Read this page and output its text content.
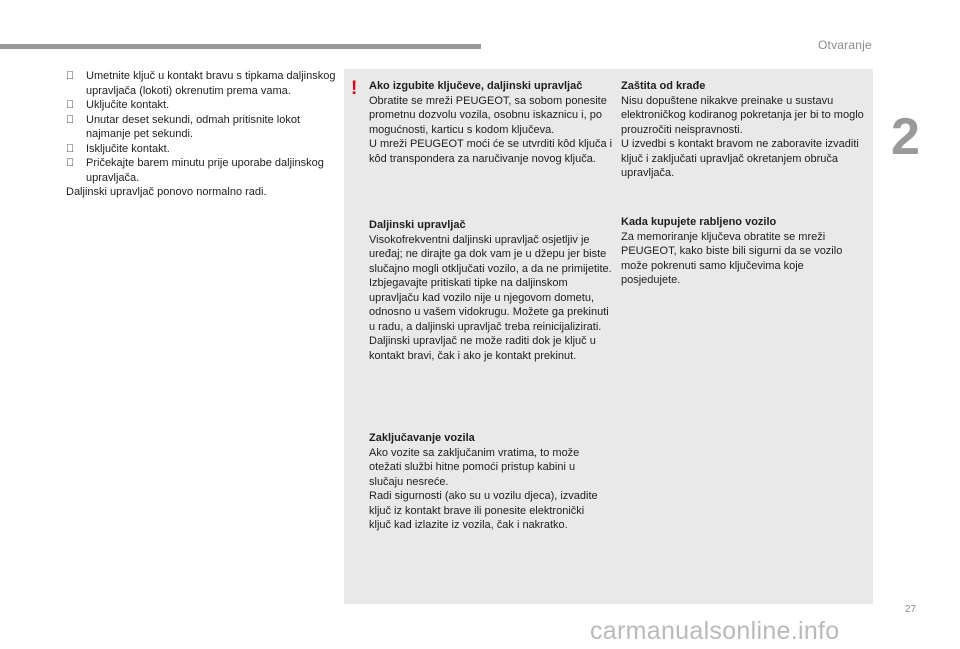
Otvaranje
2
Umetnite ključ u kontakt bravu s tipkama daljinskog upravljača (lokoti) okrenutim prema vama.
Uključite kontakt.
Unutar deset sekundi, odmah pritisnite lokot najmanje pet sekundi.
Isključite kontakt.
Pričekajte barem minutu prije uporabe daljinskog upravljača.

Daljinski upravljač ponovo normalno radi.

! Ako izgubite ključeve, daljinski upravljač

Obratite se mreži PEUGEOT, sa sobom ponesite prometnu dozvolu vozila, osobnu iskaznicu i, po mogućnosti, karticu s kodom ključeva.

U mreži PEUGEOT moći će se utvrditi kôd ključa i kôd transpondera za naručivanje novog ključa.

Daljinski upravljač

Visokofrekventni daljinski upravljač osjetljiv je uređaj; ne dirajte ga dok vam je u džepu jer biste slučajno mogli otključati vozilo, a da ne primijetite.

Izbjegavajte pritiskati tipke na daljinskom upravljaču kad vozilo nije u njegovom dometu, odnosno u vašem vidokrugu. Možete ga prekinuti u radu, a daljinski upravljač treba reinicijalizirati.

Daljinski upravljač ne može raditi dok je ključ u kontakt bravi, čak i ako je kontakt prekinut.

Zaključavanje vozila

Ako vozite sa zaključanim vratima, to može otežati službi hitne pomoći pristup kabini u slučaju nesreće.

Radi sigurnosti (ako su u vozilu djeca), izvadite ključ iz kontakt brave ili ponesite elektronički ključ kad izlazite iz vozila, čak i nakratko.

Zaštita od krađe

Nisu dopuštene nikakve preinake u sustavu elektroničkog kodiranog pokretanja jer bi to moglo prouzročiti neispravnosti.

U izvedbi s kontakt bravom ne zaboravite izvaditi ključ i zaključati upravljač okretanjem obruča upravljača.

Kada kupujete rabljeno vozilo

Za memoriranje ključeva obratite se mreži PEUGEOT, kako biste bili sigurni da se vozilo može pokrenuti samo ključevima koje posjedujete.

27
carmanualsonline.info
